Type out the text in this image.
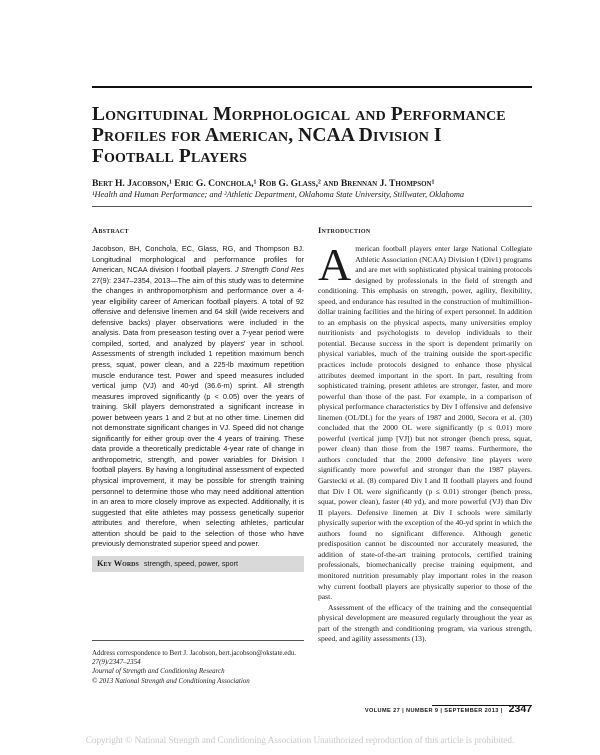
Longitudinal Morphological and Performance
Profiles for American, NCAA Division I
Football Players
Bert H. Jacobson,¹ Eric G. Conchola,¹ Rob G. Glass,² and Brennan J. Thompson¹
¹Health and Human Performance; and ²Athletic Department, Oklahoma State University, Stillwater, Oklahoma
Abstract

Jacobson, BH, Conchola, EC, Glass, RG, and Thompson BJ. Longitudinal morphological and performance profiles for American, NCAA division I football players. J Strength Cond Res 27(9): 2347–2354, 2013—The aim of this study was to determine the changes in anthropomorphism and performance over a 4-year eligibility career of American football players. A total of 92 offensive and defensive linemen and 64 skill (wide receivers and defensive backs) player observations were included in the analysis. Data from preseason testing over a 7-year period were compiled, sorted, and analyzed by players' year in school. Assessments of strength included 1 repetition maximum bench press, squat, power clean, and a 225-lb maximum repetition muscle endurance test. Power and speed measures included vertical jump (VJ) and 40-yd (36.6-m) sprint. All strength measures improved significantly (p < 0.05) over the years of training. Skill players demonstrated a significant increase in power between years 1 and 2 but at no other time. Linemen did not demonstrate significant changes in VJ. Speed did not change significantly for either group over the 4 years of training. These data provide a theoretically predictable 4-year rate of change in anthropometric, strength, and power variables for Division I football players. By having a longitudinal assessment of expected physical improvement, it may be possible for strength training personnel to determine those who may need additional attention in an area to more closely improve as expected. Additionally, it is suggested that elite athletes may possess genetically superior attributes and therefore, when selecting athletes, particular attention should be paid to the selection of those who have previously demonstrated superior speed and power.

Key Words strength, speed, power, sport

Address correspondence to Bert J. Jacobson, bert.jacobson@okstate.edu.

27(9)/2347–2354

Journal of Strength and Conditioning Research

© 2013 National Strength and Conditioning Association

Introduction

American football players enter large National Collegiate Athletic Association (NCAA) Division I (Div1) programs and are met with sophisticated physical training protocols designed by professionals in the field of strength and conditioning. This emphasis on strength, power, agility, flexibility, speed, and endurance has resulted in the construction of multimillion-dollar training facilities and the hiring of expert personnel. In addition to an emphasis on the physical aspects, many universities employ nutritionists and psychologists to develop individuals to their potential. Because success in the sport is dependent primarily on physical variables, much of the training outside the sport-specific practices include protocols designed to enhance those physical attributes deemed important in the sport. In part, resulting from sophisticated training, present athletes are stronger, faster, and more powerful than those of the past. For example, in a comparison of physical performance characteristics by Div I offensive and defensive linemen (OL/DL) for the years of 1987 and 2000, Secora et al. (30) concluded that the 2000 OL were significantly (p ≤ 0.01) more powerful (vertical jump [VJ]) but not stronger (bench press, squat, power clean) than those from the 1987 teams. Furthermore, the authors concluded that the 2000 defensive line players were significantly more powerful and stronger than the 1987 players. Garstecki et al. (8) compared Div I and II football players and found that Div I OL were significantly (p ≤ 0.01) stronger (bench press, squat, power clean), faster (40 yd), and more powerful (VJ) than Div II players. Defensive linemen at Div I schools were similarly physically superior with the exception of the 40-yd sprint in which the authors found no significant difference. Although genetic predisposition cannot be discounted nor accurately measured, the addition of state-of-the-art training protocols, certified training professionals, biomechanically precise training equipment, and monitored nutrition presumably play important roles in the reason why current football players are physically superior to those of the past.

Assessment of the efficacy of the training and the consequential physical development are measured regularly throughout the year as part of the strength and conditioning program, via various strength, speed, and agility assessments (13).

VOLUME 27 | NUMBER 9 | SEPTEMBER 2013 | 2347
Copyright © National Strength and Conditioning Association Unauthorized reproduction of this article is prohibited.
